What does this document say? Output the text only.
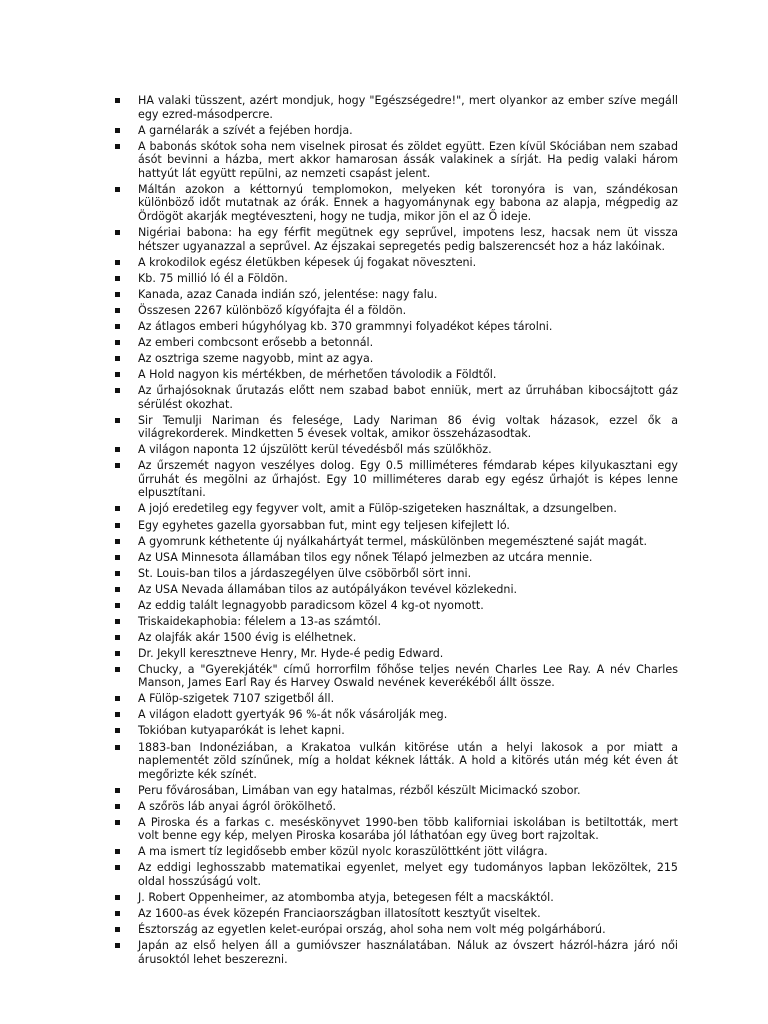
HA valaki tüsszent, azért mondjuk, hogy "Egészségedre!", mert olyankor az ember szíve megáll egy ezred-másodpercre.
A garnélarák a szívét a fejében hordja.
A babonás skótok soha nem viselnek pirosat és zöldet együtt. Ezen kívül Skóciában nem szabad ásót bevinni a házba, mert akkor hamarosan ássák valakinek a sírját. Ha pedig valaki három hattyút lát együtt repülni, az nemzeti csapást jelent.
Máltán azokon a kéttornyú templomokon, melyeken két toronyóra is van, szándékosan különböző időt mutatnak az órák. Ennek a hagyománynak egy babona az alapja, mégpedig az Ördögöt akarják megtéveszteni, hogy ne tudja, mikor jön el az Ő ideje.
Nigériai babona: ha egy férfit megütnek egy seprűvel, impotens lesz, hacsak nem üt vissza hétszer ugyanazzal a seprűvel. Az éjszakai sepregetés pedig balszerencsét hoz a ház lakóinak.
A krokodilok egész életükben képesek új fogakat növeszteni.
Kb. 75 millió ló él a Földön.
Kanada, azaz Canada indián szó, jelentése: nagy falu.
Összesen 2267 különböző kígyófajta él a földön.
Az átlagos emberi húgyhólyag kb. 370 grammnyi folyadékot képes tárolni.
Az emberi combcsont erősebb a betonnál.
Az osztriga szeme nagyobb, mint az agya.
A Hold nagyon kis mértékben, de mérhetően távolodik a Földtől.
Az űrhajósoknak űrutazás előtt nem szabad babot enniük, mert az űrruhában kibocsájtott gáz sérülést okozhat.
Sir Temulji Nariman és felesége, Lady Nariman 86 évig voltak házasok, ezzel ők a világrekorderek. Mindketten 5 évesek voltak, amikor összeházasodtak.
A világon naponta 12 újszülött kerül tévedésből más szülőkhöz.
Az űrszemét nagyon veszélyes dolog. Egy 0.5 milliméteres fémdarab képes kilyukasztani egy űrruhát és megölni az űrhajóst. Egy 10 milliméteres darab egy egész űrhajót is képes lenne elpusztítani.
A jojó eredetileg egy fegyver volt, amit a Fülöp-szigeteken használtak, a dzsungelben.
Egy egyhetes gazella gyorsabban fut, mint egy teljesen kifejlett ló.
A gyomrunk kéthetente új nyálkahártyát termel, máskülönben megemésztené saját magát.
Az USA Minnesota államában tilos egy nőnek Télapó jelmezben az utcára mennie.
St. Louis-ban tilos a járdaszegélyen ülve csöbörből sört inni.
Az USA Nevada államában tilos az autópályákon tevével közlekedni.
Az eddig talált legnagyobb paradicsom közel 4 kg-ot nyomott.
Triskaidekaphobia: félelem a 13-as számtól.
Az olajfák akár 1500 évig is elélhetnek.
Dr. Jekyll keresztneve Henry, Mr. Hyde-é pedig Edward.
Chucky, a "Gyerekjáték" című horrorfilm főhőse teljes nevén Charles Lee Ray. A név Charles Manson, James Earl Ray és Harvey Oswald nevének keverékéből állt össze.
A Fülöp-szigetek 7107 szigetből áll.
A világon eladott gyertyák 96 %-át nők vásárolják meg.
Tokióban kutyaparókát is lehet kapni.
1883-ban Indonéziában, a Krakatoa vulkán kitörése után a helyi lakosok a por miatt a naplementét zöld színűnek, míg a holdat kéknek látták. A hold a kitörés után még két éven át megőrizte kék színét.
Peru fővárosában, Limában van egy hatalmas, rézből készült Micimackó szobor.
A szőrös láb anyai ágról örökölhető.
A Piroska és a farkas c. meséskönyvet 1990-ben több kaliforniai iskolában is betiltották, mert volt benne egy kép, melyen Piroska kosarába jól láthatóan egy üveg bort rajzoltak.
A ma ismert tíz legidősebb ember közül nyolc koraszülöttként jött világra.
Az eddigi leghosszabb matematikai egyenlet, melyet egy tudományos lapban leközöltek, 215 oldal hosszúságú volt.
J. Robert Oppenheimer, az atombomba atyja, betegesen félt a macskáktól.
Az 1600-as évek közepén Franciaországban illatosított kesztyűt viseltek.
Észtország az egyetlen kelet-európai ország, ahol soha nem volt még polgárháború.
Japán az első helyen áll a gumióvszer használatában. Náluk az óvszert házról-házra járó női árusoktól lehet beszerezni.
